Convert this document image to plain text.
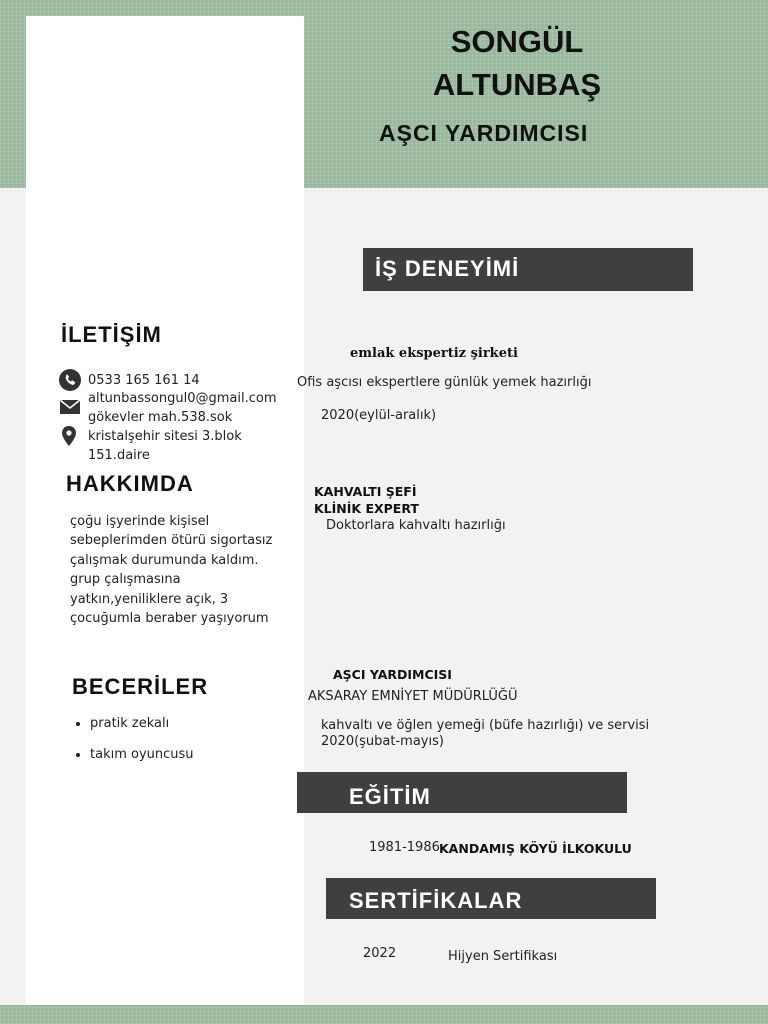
SONGÜL
ALTUNBAŞ
AŞCI YARDIMCISI
İLETİŞİM
0533 165 161 14
altunbassongul0@gmail.com
gökevler mah.538.sok
kristalşehir sitesi 3.blok
151.daire
HAKKIMDA
çoğu işyerinde kişisel
sebeplerimden ötürü sigortasız
çalışmak durumunda kaldım.
grup çalışmasına
yatkın,yeniliklere açık, 3
çocuğumla beraber yaşıyorum
BECERİLER
• pratik zekalı
• takım oyuncusu
İŞ DENEYİMİ
emlak ekspertiz şirketi
Ofis aşcısı ekspertlere günlük yemek hazırlığı
2020(eylül-aralık)
KAHVALTI ŞEFİ
KLİNİK EXPERT
Doktorlara kahvaltı hazırlığı
AŞCI YARDIMCISI
AKSARAY EMNİYET MÜDÜRLÜĞÜ
kahvaltı ve öğlen yemeği (büfe hazırlığı) ve servisi
2020(şubat-mayıs)
EĞİTİM
1981-1986 KANDAMIŞ KÖYÜ İLKOKULU
SERTİFİKALAR
2022	Hijyen Sertifikası
